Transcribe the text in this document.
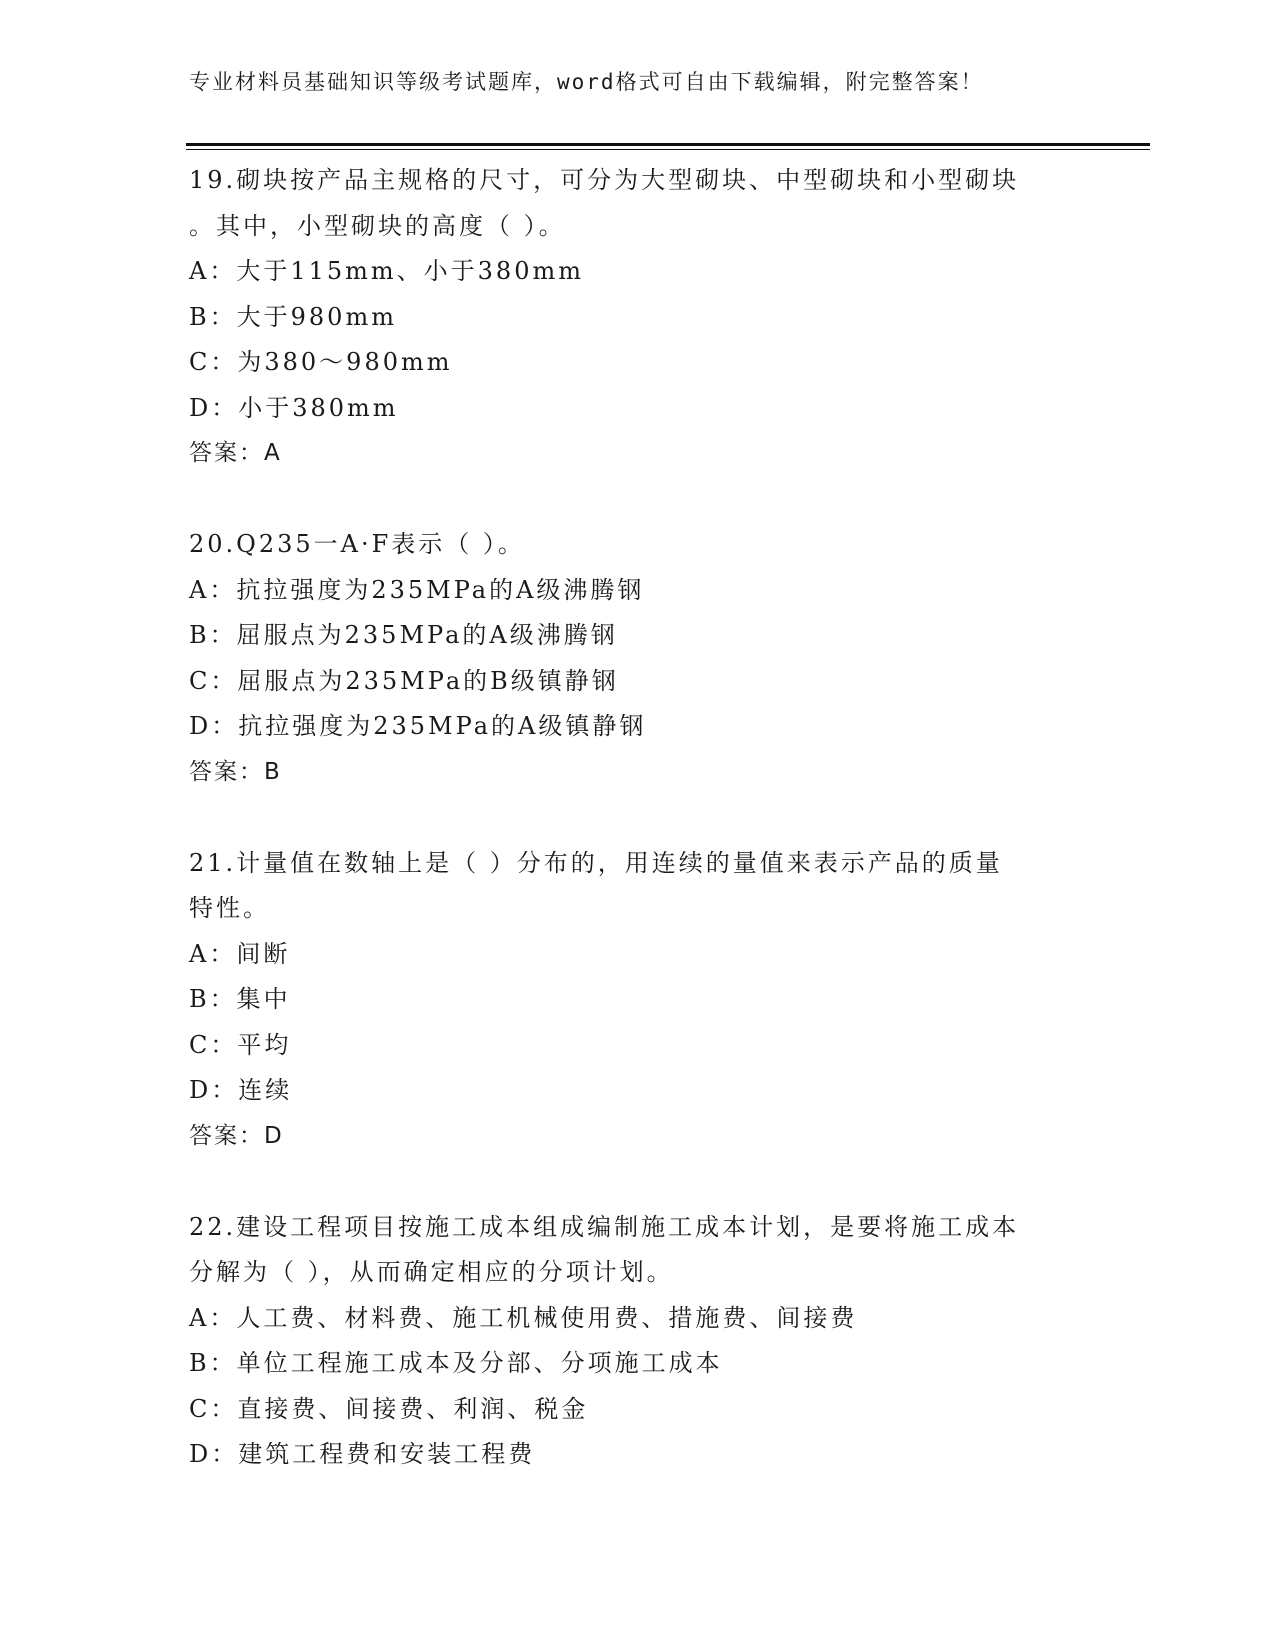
专业材料员基础知识等级考试题库，word格式可自由下载编辑，附完整答案！
19.砌块按产品主规格的尺寸，可分为大型砌块、中型砌块和小型砌块
。其中，小型砌块的高度（ ）。
A：大于115mm、小于380mm
B：大于980mm
C：为380～980mm
D：小于380mm
答案：A
20.Q235一A·F表示（ ）。
A：抗拉强度为235MPa的A级沸腾钢
B：屈服点为235MPa的A级沸腾钢
C：屈服点为235MPa的B级镇静钢
D：抗拉强度为235MPa的A级镇静钢
答案：B
21.计量值在数轴上是（ ）分布的，用连续的量值来表示产品的质量
特性。
A：间断
B：集中
C：平均
D：连续
答案：D
22.建设工程项目按施工成本组成编制施工成本计划，是要将施工成本
分解为（ ），从而确定相应的分项计划。
A：人工费、材料费、施工机械使用费、措施费、间接费
B：单位工程施工成本及分部、分项施工成本
C：直接费、间接费、利润、税金
D：建筑工程费和安装工程费
